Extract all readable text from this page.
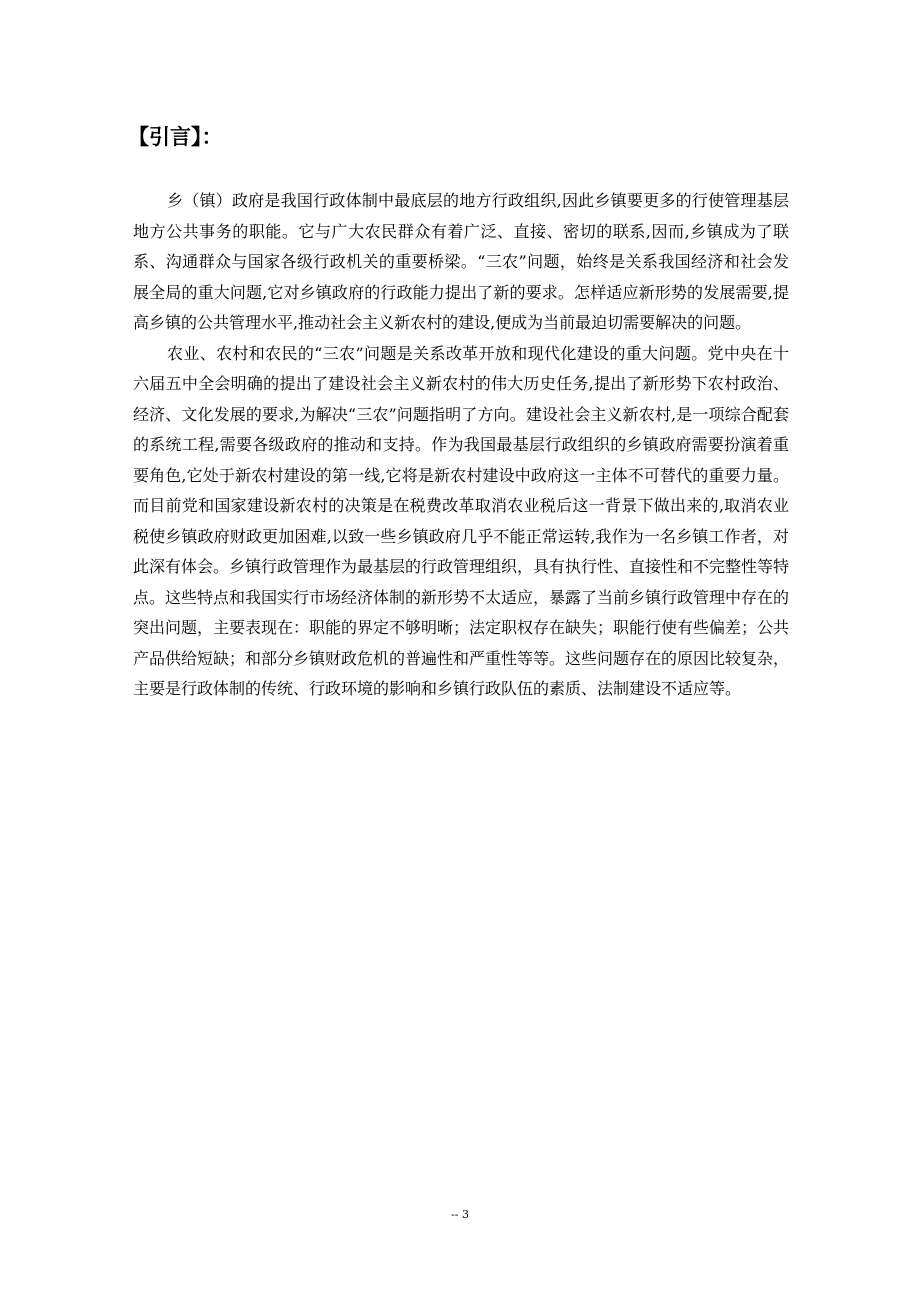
【引言】：

乡（镇）政府是我国行政体制中最底层的地方行政组织,因此乡镇要更多的行使管理基层地方公共事务的职能。它与广大农民群众有着广泛、直接、密切的联系,因而,乡镇成为了联系、沟通群众与国家各级行政机关的重要桥梁。“三农”问题，始终是关系我国经济和社会发展全局的重大问题,它对乡镇政府的行政能力提出了新的要求。怎样适应新形势的发展需要,提高乡镇的公共管理水平,推动社会主义新农村的建设,便成为当前最迫切需要解决的问题。

农业、农村和农民的“三农”问题是关系改革开放和现代化建设的重大问题。党中央在十六届五中全会明确的提出了建设社会主义新农村的伟大历史任务,提出了新形势下农村政治、经济、文化发展的要求,为解决“三农”问题指明了方向。建设社会主义新农村,是一项综合配套的系统工程,需要各级政府的推动和支持。作为我国最基层行政组织的乡镇政府需要扮演着重要角色,它处于新农村建设的第一线,它将是新农村建设中政府这一主体不可替代的重要力量。而目前党和国家建设新农村的决策是在税费改革取消农业税后这一背景下做出来的,取消农业税使乡镇政府财政更加困难,以致一些乡镇政府几乎不能正常运转,我作为一名乡镇工作者，对此深有体会。乡镇行政管理作为最基层的行政管理组织，具有执行性、直接性和不完整性等特点。这些特点和我国实行市场经济体制的新形势不太适应，暴露了当前乡镇行政管理中存在的突出问题，主要表现在：职能的界定不够明晰；法定职权存在缺失；职能行使有些偏差；公共产品供给短缺；和部分乡镇财政危机的普遍性和严重性等等。这些问题存在的原因比较复杂，主要是行政体制的传统、行政环境的影响和乡镇行政队伍的素质、法制建设不适应等。

-- 3
